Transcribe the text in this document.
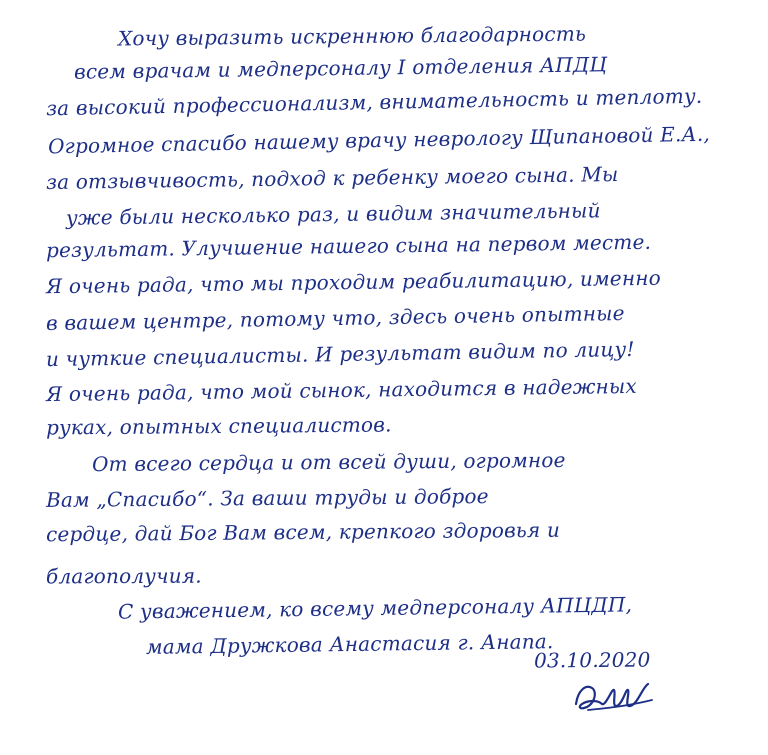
Хочу выразить искреннюю благодарность
всем врачам и медперсоналу I отделения АПДЦ
за высокий профессионализм, внимательность и теплоту.
Огромное спасибо нашему врачу неврологу Щипановой Е.А.,
за отзывчивость, подход к ребенку моего сына. Мы
уже были несколько раз, и видим значительный
результат. Улучшение нашего сына на первом месте.
Я очень рада, что мы проходим реабилитацию, именно
в вашем центре, потому что, здесь очень опытные
и чуткие специалисты. И результат видим по лицу!
Я очень рада, что мой сынок, находится в надежных
руках, опытных специалистов.
От всего сердца и от всей души, огромное
Вам „Спасибо“. За ваши труды и доброе
сердце, дай Бог Вам всем, крепкого здоровья и
благополучия.
С уважением, ко всему медперсоналу АПЦДП,
мама Дружкова Анастасия г. Анапа.
03.10.2020
